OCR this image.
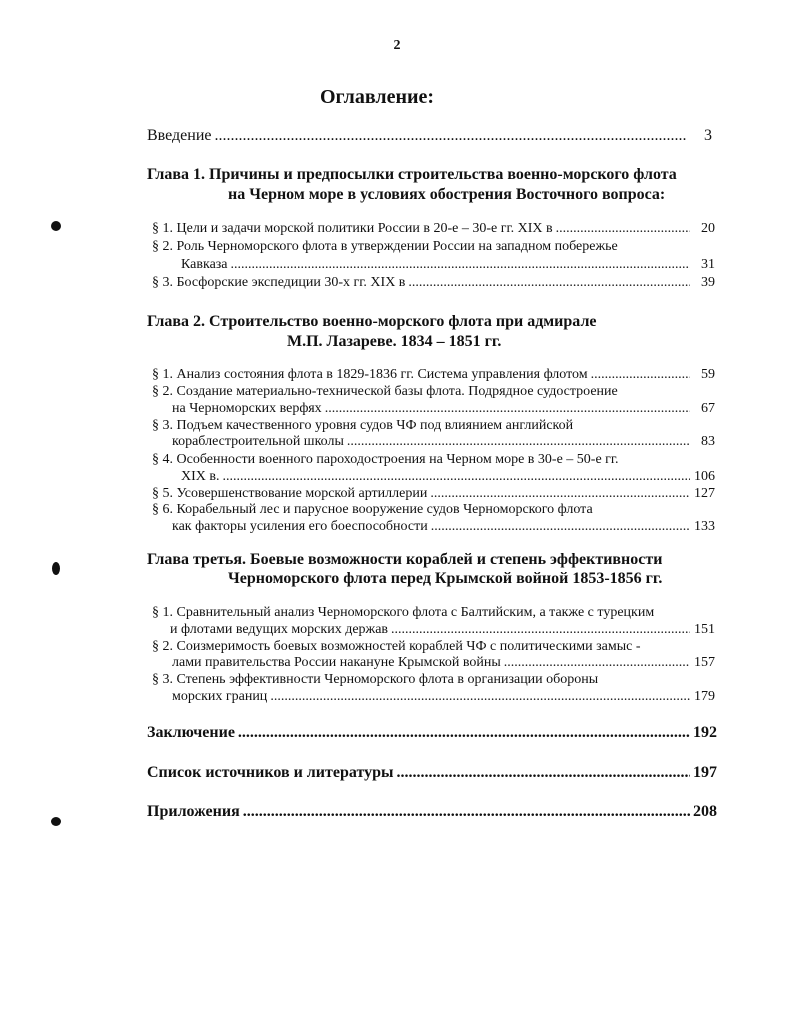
2
Оглавление:
Введение .....	3
Глава 1. Причины и предпосылки строительства военно-морского флота
на Черном море в условиях обострения Восточного вопроса:
§ 1. Цели и задачи морской политики России в 20-е – 30-е гг. XIX в .....	20
§ 2. Роль Черноморского флота в утверждении России на западном побережье
Кавказа .....	31
§ 3. Босфорские экспедиции 30-х гг. XIX в .....	39
Глава 2. Строительство военно-морского флота при адмирале
М.П. Лазареве. 1834 – 1851 гг.
§ 1. Анализ состояния флота в 1829-1836 гг. Система управления флотом .....	59
§ 2. Создание материально-технической базы флота. Подрядное судостроение
на Черноморских верфях .....	67
§ 3. Подъем качественного уровня судов ЧФ под влиянием английской
кораблестроительной школы .....	83
§ 4. Особенности военного пароходостроения на Черном море в 30-е – 50-е гг.
XIX в. .....	106
§ 5. Усовершенствование морской артиллерии .....	127
§ 6. Корабельный лес и парусное вооружение судов Черноморского флота
как факторы усиления его боеспособности .....	133
Глава третья. Боевые возможности кораблей и степень эффективности
Черноморского флота перед Крымской войной 1853-1856 гг.
§ 1. Сравнительный анализ Черноморского флота с Балтийским, а также с турецким
и флотами ведущих морских держав .....	151
§ 2. Соизмеримость боевых возможностей кораблей ЧФ с политическими замыс -
лами правительства России накануне Крымской войны .....	157
§ 3. Степень эффективности Черноморского флота в организации обороны
морских границ .....	179
Заключение .....	192
Список источников и литературы .....	197
Приложения .....	208
